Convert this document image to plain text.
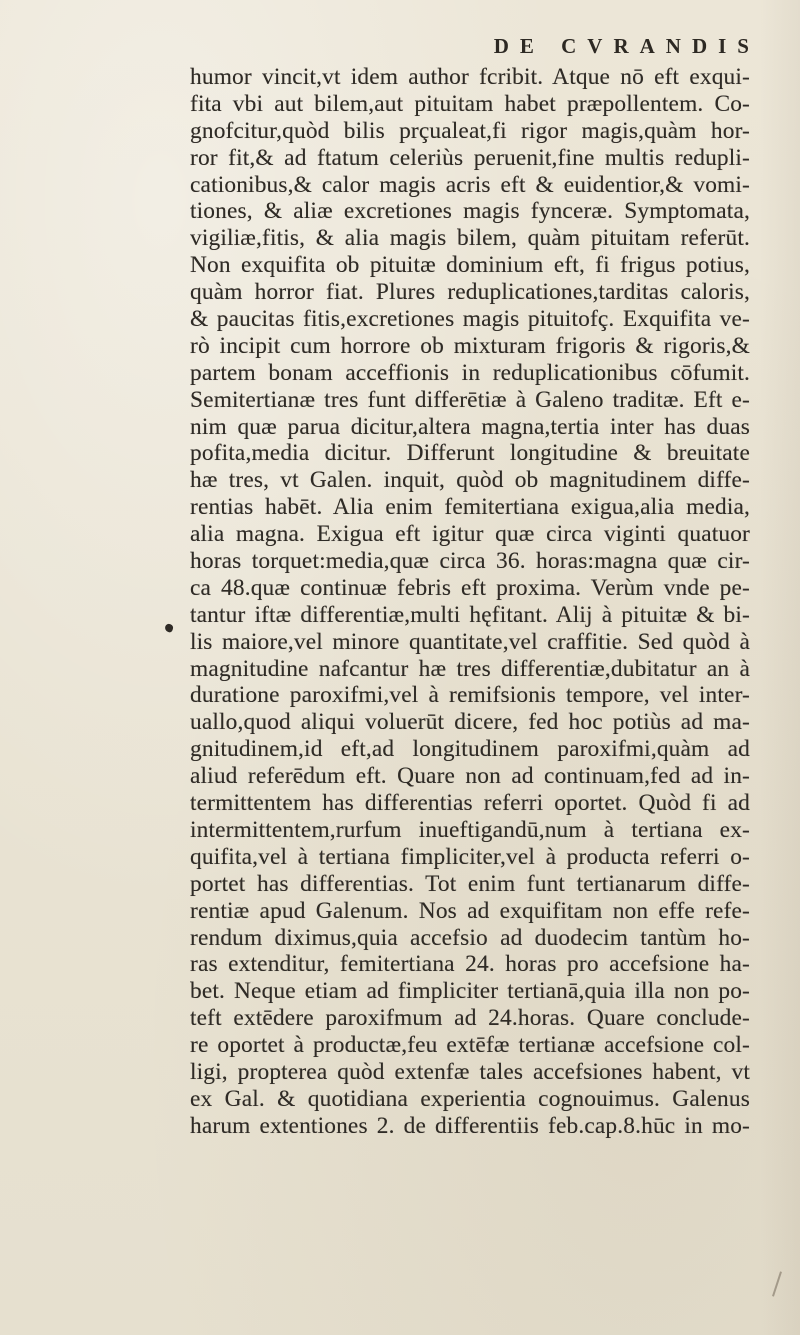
DE CVRANDIS
humor vincit,vt idem author fcribit. Atque nō eft exqui-
fita vbi aut bilem,aut pituitam habet præpollentem. Co-
gnofcitur,quòd bilis prçualeat,fi rigor magis,quàm hor-
ror fit,& ad ftatum celeriùs peruenit,fine multis redupli-
cationibus,& calor magis acris eft & euidentior,& vomi-
tiones, & aliæ excretiones magis fynceræ. Symptomata,
vigiliæ,fitis, & alia magis bilem, quàm pituitam referūt.
Non exquifita ob pituitæ dominium eft, fi frigus potius,
quàm horror fiat. Plures reduplicationes,tarditas caloris,
& paucitas fitis,excretiones magis pituitofç. Exquifita ve-
rò incipit cum horrore ob mixturam frigoris & rigoris,&
partem bonam acceffionis in reduplicationibus cōfumit.
Semitertianæ tres funt differētiæ à Galeno traditæ. Eft e-
nim quæ parua dicitur,altera magna,tertia inter has duas
pofita,media dicitur. Differunt longitudine & breuitate
hæ tres, vt Galen. inquit, quòd ob magnitudinem diffe-
rentias habēt. Alia enim femitertiana exigua,alia media,
alia magna. Exigua eft igitur quæ circa viginti quatuor
horas torquet:media,quæ circa 36. horas:magna quæ cir-
ca 48.quæ continuæ febris eft proxima. Verùm vnde pe-
tantur iftæ differentiæ,multi hęfitant. Alij à pituitæ & bi-
lis maiore,vel minore quantitate,vel craffitie. Sed quòd à
magnitudine nafcantur hæ tres differentiæ,dubitatur an à
duratione paroxifmi,vel à remifsionis tempore, vel inter-
uallo,quod aliqui voluerūt dicere, fed hoc potiùs ad ma-
gnitudinem,id eft,ad longitudinem paroxifmi,quàm ad
aliud referēdum eft. Quare non ad continuam,fed ad in-
termittentem has differentias referri oportet. Quòd fi ad
intermittentem,rurfum inueftigandū,num à tertiana ex-
quifita,vel à tertiana fimpliciter,vel à producta referri o-
portet has differentias. Tot enim funt tertianarum diffe-
rentiæ apud Galenum. Nos ad exquifitam non effe refe-
rendum diximus,quia accefsio ad duodecim tantùm ho-
ras extenditur, femitertiana 24. horas pro accefsione ha-
bet. Neque etiam ad fimpliciter tertianā,quia illa non po-
teft extēdere paroxifmum ad 24.horas. Quare conclude-
re oportet à productæ,feu extēfæ tertianæ accefsione col-
ligi, propterea quòd extenfæ tales accefsiones habent, vt
ex Gal. & quotidiana experientia cognouimus. Galenus
harum extentiones 2. de differentiis feb.cap.8.hūc in mo-
